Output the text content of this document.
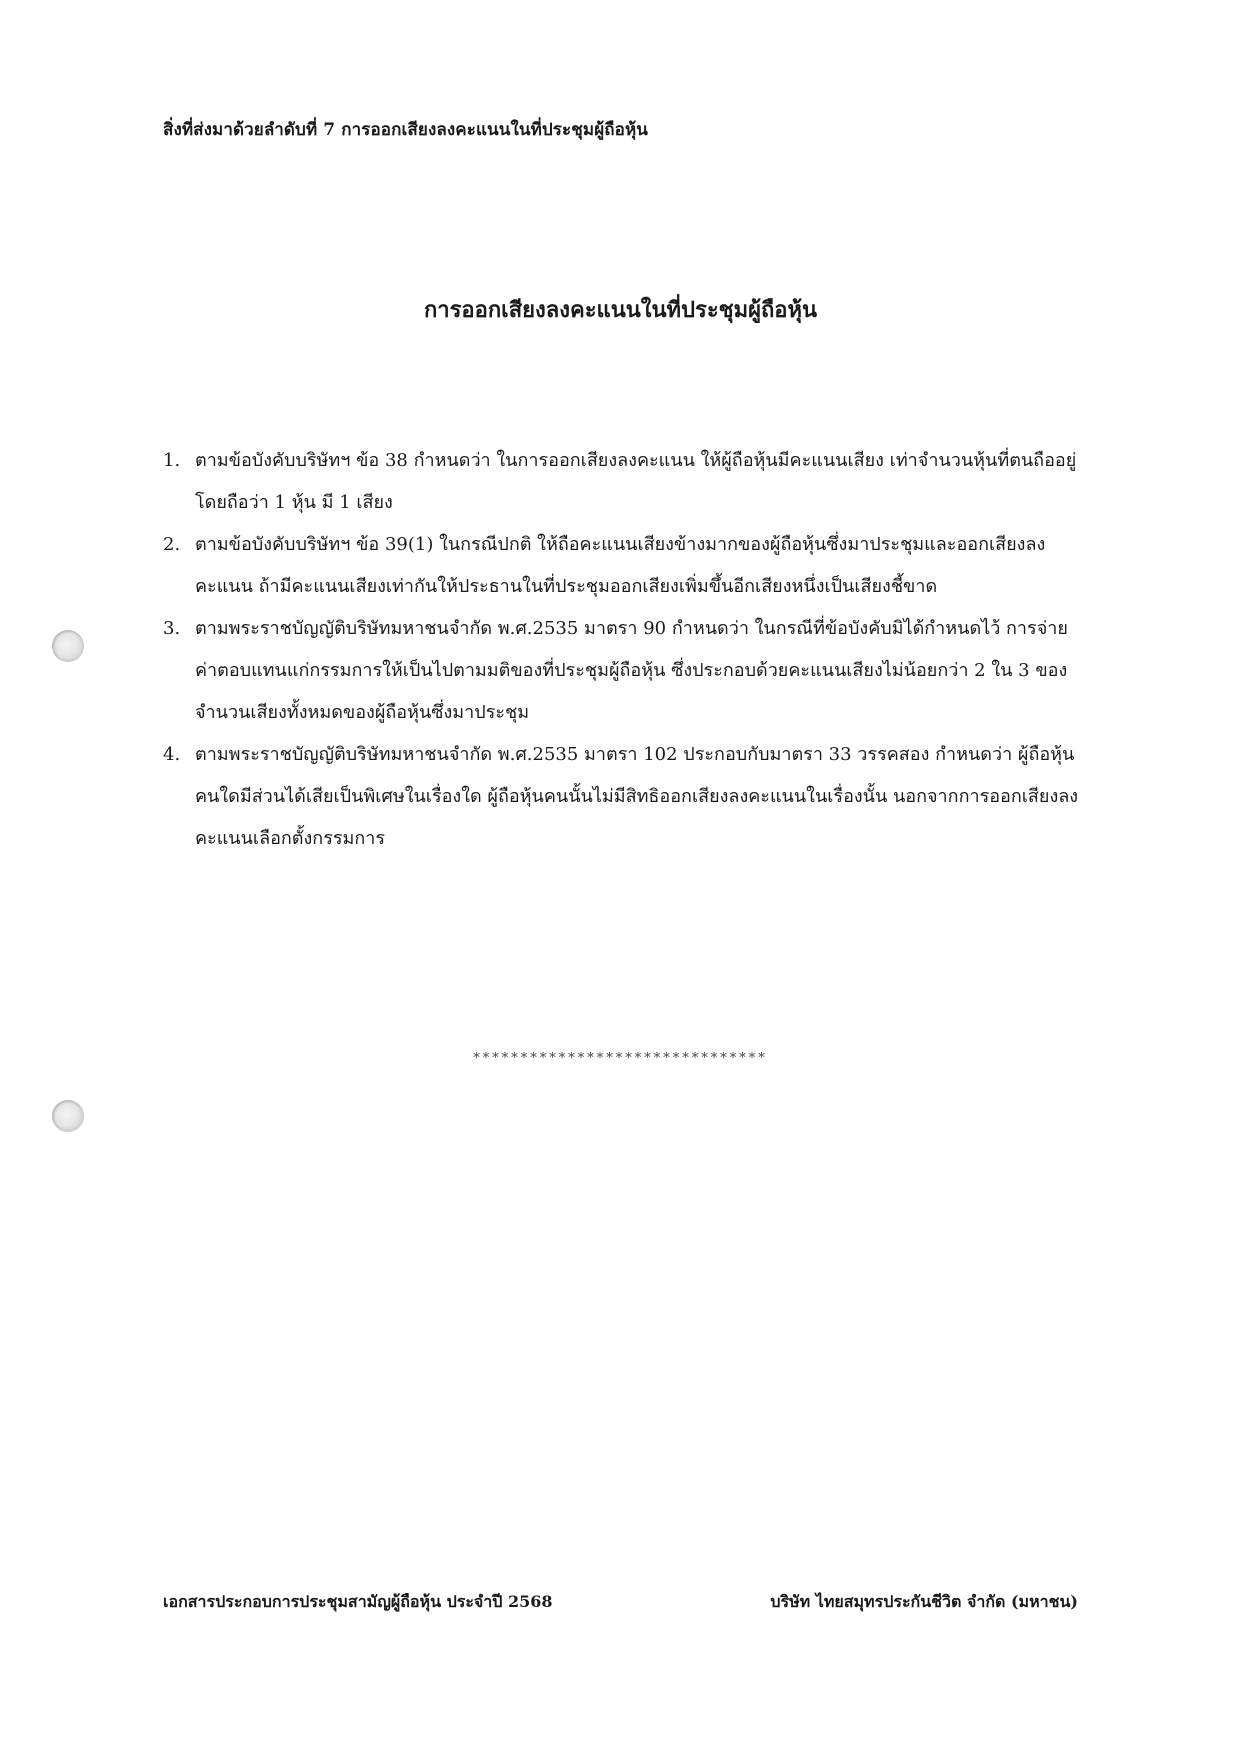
สิ่งที่ส่งมาด้วยลำดับที่ 7 การออกเสียงลงคะแนนในที่ประชุมผู้ถือหุ้น
การออกเสียงลงคะแนนในที่ประชุมผู้ถือหุ้น
1. ตามข้อบังคับบริษัทฯ ข้อ 38 กำหนดว่า ในการออกเสียงลงคะแนน ให้ผู้ถือหุ้นมีคะแนนเสียง เท่าจำนวนหุ้นที่ตนถืออยู่ โดยถือว่า 1 หุ้น มี 1 เสียง
2. ตามข้อบังคับบริษัทฯ ข้อ 39(1) ในกรณีปกติ ให้ถือคะแนนเสียงข้างมากของผู้ถือหุ้นซึ่งมาประชุมและออกเสียงลงคะแนน ถ้ามีคะแนนเสียงเท่ากันให้ประธานในที่ประชุมออกเสียงเพิ่มขึ้นอีกเสียงหนึ่งเป็นเสียงชี้ขาด
3. ตามพระราชบัญญัติบริษัทมหาชนจำกัด พ.ศ.2535 มาตรา 90 กำหนดว่า ในกรณีที่ข้อบังคับมิได้กำหนดไว้ การจ่ายค่าตอบแทนแก่กรรมการให้เป็นไปตามมติของที่ประชุมผู้ถือหุ้น ซึ่งประกอบด้วยคะแนนเสียงไม่น้อยกว่า 2 ใน 3 ของจำนวนเสียงทั้งหมดของผู้ถือหุ้นซึ่งมาประชุม
4. ตามพระราชบัญญัติบริษัทมหาชนจำกัด พ.ศ.2535 มาตรา 102 ประกอบกับมาตรา 33 วรรคสอง กำหนดว่า ผู้ถือหุ้นคนใดมีส่วนได้เสียเป็นพิเศษในเรื่องใด ผู้ถือหุ้นคนนั้นไม่มีสิทธิออกเสียงลงคะแนนในเรื่องนั้น นอกจากการออกเสียงลงคะแนนเลือกตั้งกรรมการ
*******************************
เอกสารประกอบการประชุมสามัญผู้ถือหุ้น ประจำปี 2568	บริษัท ไทยสมุทรประกันชีวิต จำกัด (มหาชน)
